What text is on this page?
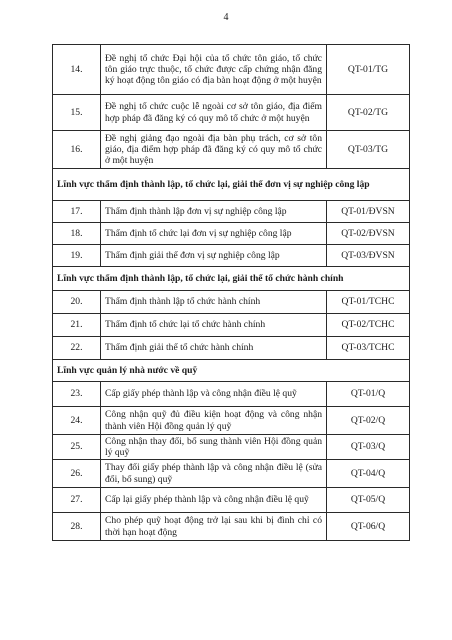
4
14.	Đề nghị tổ chức Đại hội của tổ chức tôn giáo, tổ chức tôn giáo trực thuộc, tổ chức được cấp chứng nhận đăng ký hoạt động tôn giáo có địa bàn hoạt động ở một huyện	QT-01/TG
15.	Đề nghị tổ chức cuộc lễ ngoài cơ sở tôn giáo, địa điểm hợp pháp đã đăng ký có quy mô tổ chức ở một huyện	QT-02/TG
16.	Đề nghị giảng đạo ngoài địa bàn phụ trách, cơ sở tôn giáo, địa điểm hợp pháp đã đăng ký có quy mô tổ chức ở một huyện	QT-03/TG
Lĩnh vực thẩm định thành lập, tổ chức lại, giải thể đơn vị sự nghiệp công lập		
17.	Thẩm định thành lập đơn vị sự nghiệp công lập	QT-01/ĐVSN
18.	Thẩm định tổ chức lại đơn vị sự nghiệp công lập	QT-02/ĐVSN
19.	Thẩm định giải thể đơn vị sự nghiệp công lập	QT-03/ĐVSN
Lĩnh vực thẩm định thành lập, tổ chức lại, giải thể tổ chức hành chính		
20.	Thẩm định thành lập tổ chức hành chính	QT-01/TCHC
21.	Thẩm định tổ chức lại tổ chức hành chính	QT-02/TCHC
22.	Thẩm định giải thể tổ chức hành chính	QT-03/TCHC
Lĩnh vực quản lý nhà nước về quỹ		
23.	Cấp giấy phép thành lập và công nhận điều lệ quỹ	QT-01/Q
24.	Công nhận quỹ đủ điều kiện hoạt động và công nhận thành viên Hội đồng quản lý quỹ	QT-02/Q
25.	Công nhận thay đổi, bổ sung thành viên Hội đồng quản lý quỹ	QT-03/Q
26.	Thay đổi giấy phép thành lập và công nhận điều lệ (sửa đổi, bổ sung) quỹ	QT-04/Q
27.	Cấp lại giấy phép thành lập và công nhận điều lệ quỹ	QT-05/Q
28.	Cho phép quỹ hoạt động trở lại sau khi bị đình chỉ có thời hạn hoạt động	QT-06/Q
